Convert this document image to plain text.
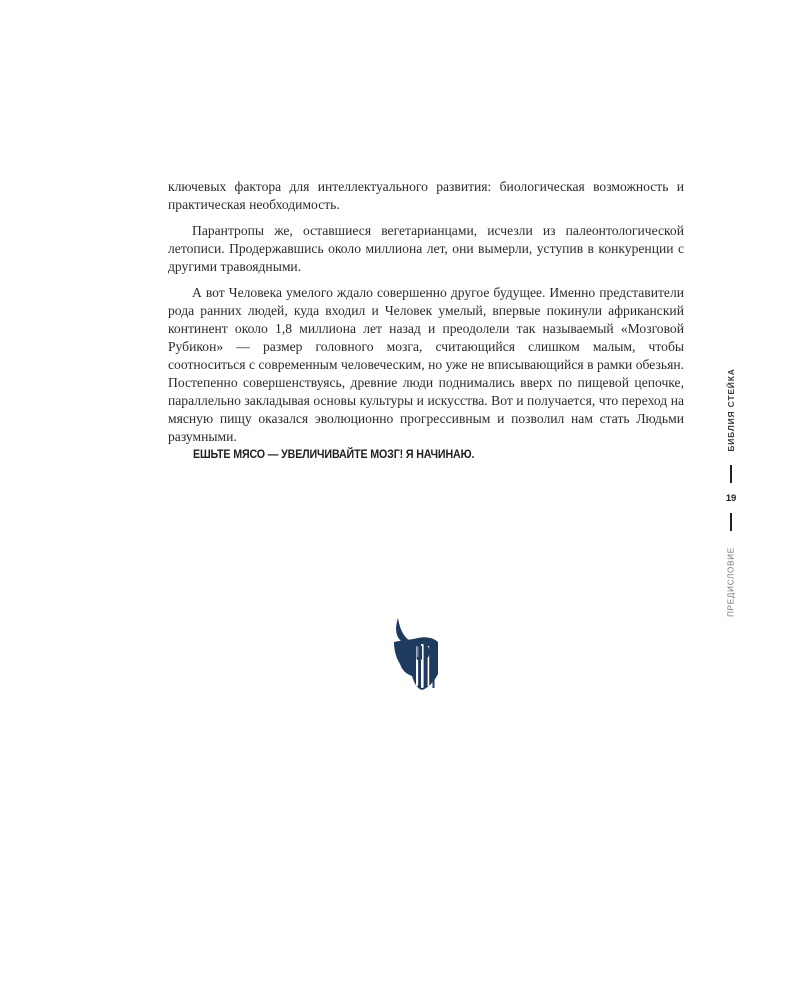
ключевых фактора для интеллектуального развития: биологическая возможность и практическая необходимость.

Парантропы же, оставшиеся вегетарианцами, исчезли из палеонтологической летописи. Продержавшись около миллиона лет, они вымерли, уступив в конкуренции с другими травоядными.

А вот Человека умелого ждало совершенно другое будущее. Именно представители рода ранних людей, куда входил и Человек умелый, впервые покинули африканский континент около 1,8 миллиона лет назад и преодолели так называемый «Мозговой Рубикон» — размер головного мозга, считающийся слишком малым, чтобы соотноситься с современным человеческим, но уже не вписывающийся в рамки обезьян. Постепенно совершенствуясь, древние люди поднимались вверх по пищевой цепочке, параллельно закладывая основы культуры и искусства. Вот и получается, что переход на мясную пищу оказался эволюционно прогрессивным и позволил нам стать Людьми разумными.

ЕШЬТЕ МЯСО — УВЕЛИЧИВАЙТЕ МОЗГ! Я НАЧИНАЮ.
БИБЛИЯ СТЕЙКА
19
ПРЕДИСЛОВИЕ
